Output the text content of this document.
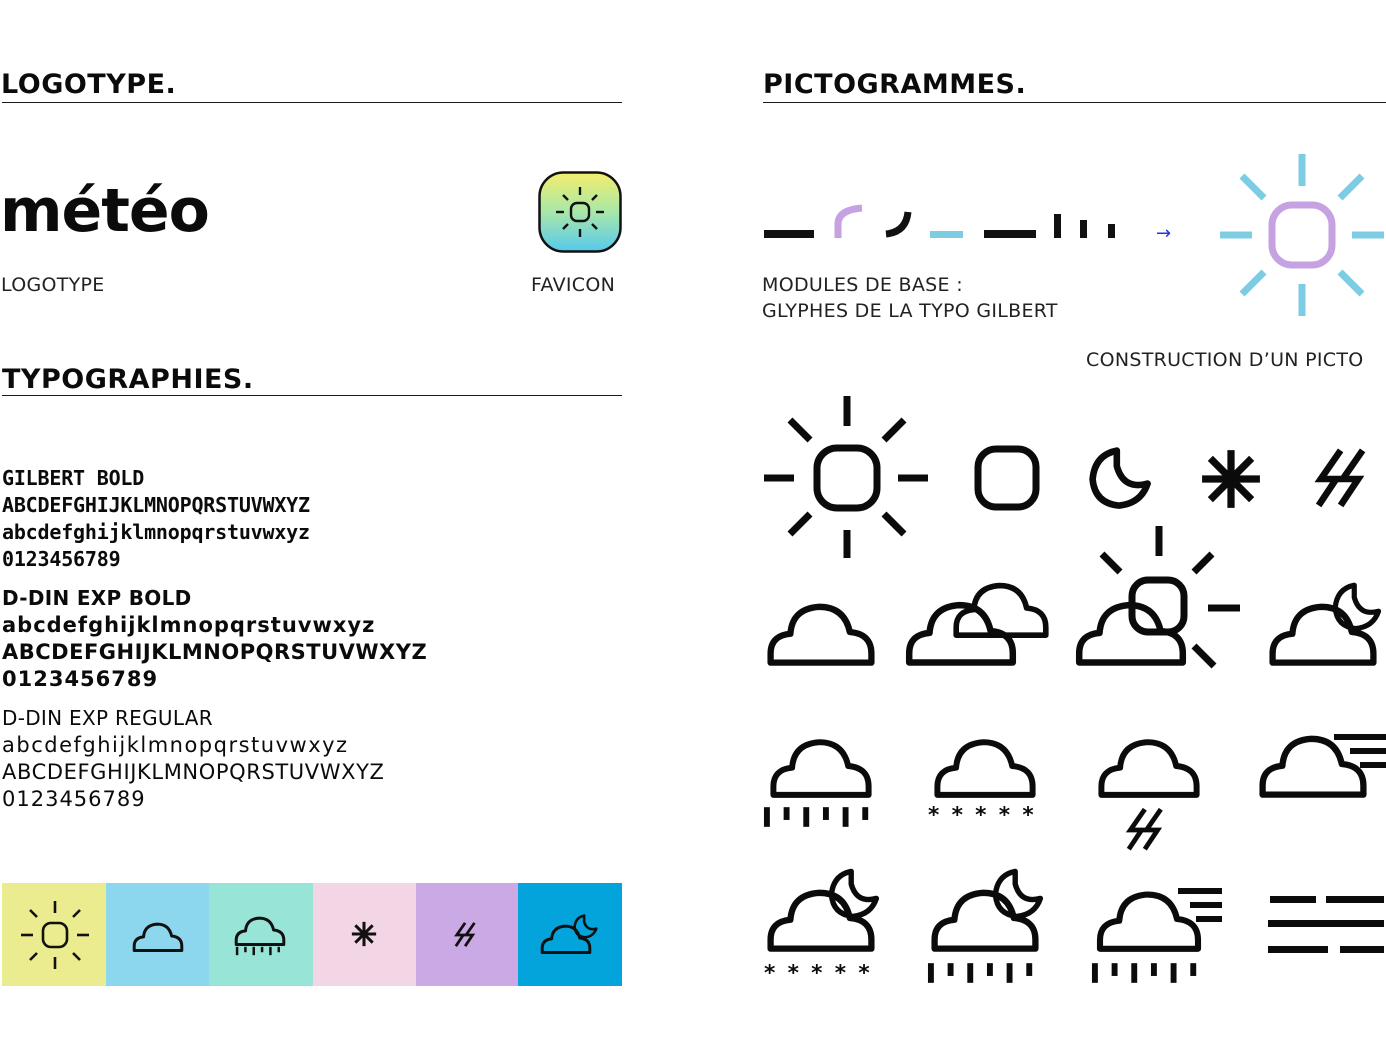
LOGOTYPE.
météo
LOGOTYPE	FAVICON
TYPOGRAPHIES.
GILBERT BOLD
ABCDEFGHIJKLMNOPQRSTUVWXYZ
abcdefghijklmnopqrstuvwxyz
0123456789
D-DIN EXP BOLD
abcdefghijklmnopqrstuvwxyz
ABCDEFGHIJKLMNOPQRSTUVWXYZ
0123456789
D-DIN EXP REGULAR
abcdefghijklmnopqrstuvwxyz
ABCDEFGHIJKLMNOPQRSTUVWXYZ
0123456789
PICTOGRAMMES.
→
MODULES DE BASE :
GLYPHES DE LA TYPO GILBERT
CONSTRUCTION D’UN PICTO
